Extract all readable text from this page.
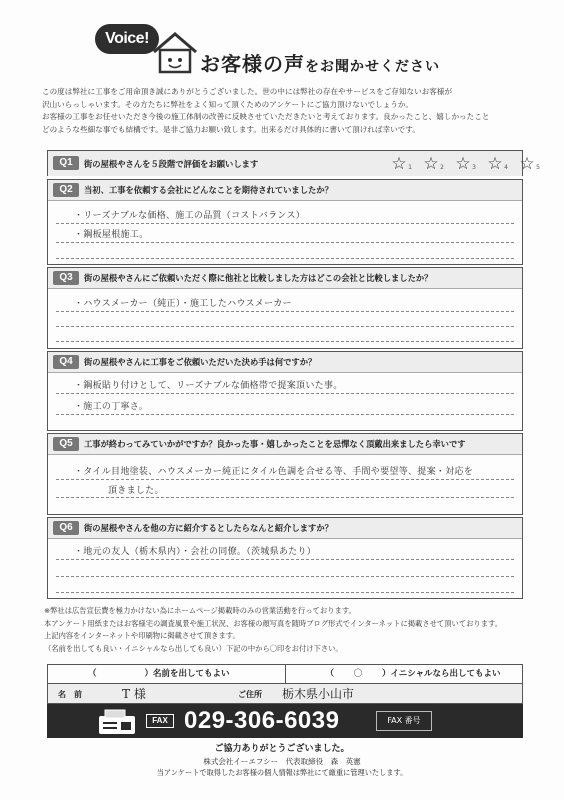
Voice!
お客様の声をお聞かせください

この度は弊社に工事をご用命頂き誠にありがとうございました。世の中には弊社の存在やサービスをご存知ないお客様が

沢山いらっしゃいます。その方たちに弊社をよく知って頂くためのアンケートにご協力頂けないでしょうか。

お客様の工事をお任せいただき今後の施工体制の改善に反映させていただきたいと考えております。良かったこと、嬉しかったこと

どのような些細な事でも結構です。是非ご協力お願い致します。出来るだけ具体的に書いて頂ければ幸いです。

Q1	街の屋根やさんを５段階で評価をお願いします	☆ 1 ☆ 2 ☆ 3 ☆ 4 ☆ 5
Q2	当初、工事を依頼する会社にどんなことを期待されていましたか？
・リーズナブルな価格、施工の品質（コストバランス）
・鋼板屋根施工。
Q3	街の屋根やさんにご依頼いただく際に他社と比較しました方はどこの会社と比較しましたか？
・ハウスメーカー（純正）・施工したハウスメーカー
Q4	街の屋根やさんに工事をご依頼いただいた決め手は何ですか？
・鋼板貼り付けとして、リーズナブルな価格帯で提案頂いた事。
・施工の丁寧さ。
Q5	工事が終わってみていかがですか？良かった事・嬉しかったことを忌憚なく頂戴出来ましたら幸いです
・タイル目地塗装、ハウスメーカー純正にタイル色調を合せる等、手間や要望等、提案・対応を
頂きました。
Q6	街の屋根やさんを他の方に紹介するとしたらなんと紹介しますか？
・地元の友人（栃木県内）・会社の同僚。（茨城県あたり）

※弊社は広告宣伝費を極力かけない為にホームページ掲載時のみの営業活動を行っております。

本アンケート用紙またはお客様宅の調査風景や施工状況、お客様の顔写真を随時ブログ形式でインターネットに掲載させて頂いております。

上記内容をインターネットや印刷物に掲載させて頂きます。

（名前を出しても良い・イニシャルなら出しても良い）下記の中から〇印をお付け下さい。

（	）名前を出してもよい	（ 〇 ）イニシャルなら出してもよい
名　前	T 様	ご住所 栃木県小山市
FAX 029-306-6039	FAX 番号
ご協力ありがとうございました。
株式会社イーエフシー　代表取締役　森　英憲
当アンケートで取得したお客様の個人情報は弊社にて厳重に管理いたします。
